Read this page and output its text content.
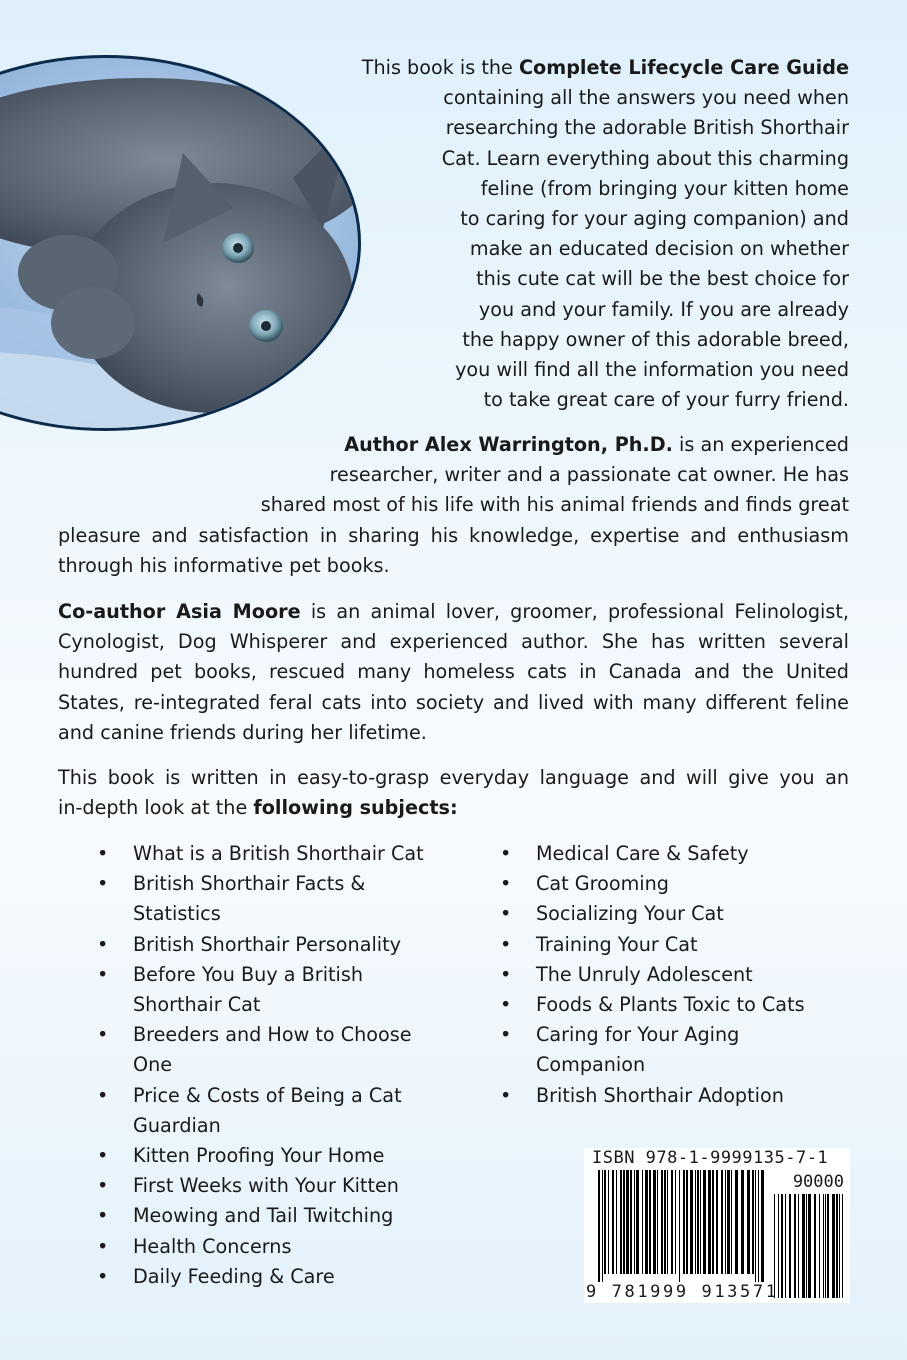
This book is the Complete Lifecycle Care Guide
containing all the answers you need when
researching the adorable British Shorthair
Cat. Learn everything about this charming
feline (from bringing your kitten home
to caring for your aging companion) and
make an educated decision on whether
this cute cat will be the best choice for
you and your family. If you are already
the happy owner of this adorable breed,
you will find all the information you need
to take great care of your furry friend.
Author Alex Warrington, Ph.D. is an experienced
researcher, writer and a passionate cat owner. He has
shared most of his life with his animal friends and finds great
pleasure and satisfaction in sharing his knowledge, expertise and enthusiasm
through his informative pet books.
Co-author Asia Moore is an animal lover, groomer, professional Felinologist,
Cynologist, Dog Whisperer and experienced author. She has written several
hundred pet books, rescued many homeless cats in Canada and the United
States, re-integrated feral cats into society and lived with many different feline
and canine friends during her lifetime.
This book is written in easy-to-grasp everyday language and will give you an
in-depth look at the following subjects:
• What is a British Shorthair Cat
• British Shorthair Facts & Statistics
• British Shorthair Personality
• Before You Buy a British Shorthair Cat
• Breeders and How to Choose One
• Price & Costs of Being a Cat Guardian
• Kitten Proofing Your Home
• First Weeks with Your Kitten
• Meowing and Tail Twitching
• Health Concerns
• Daily Feeding & Care
• Medical Care & Safety
• Cat Grooming
• Socializing Your Cat
• Training Your Cat
• The Unruly Adolescent
• Foods & Plants Toxic to Cats
• Caring for Your Aging Companion
• British Shorthair Adoption
ISBN 978-1-9999135-7-1
90000
9 781999 913571
